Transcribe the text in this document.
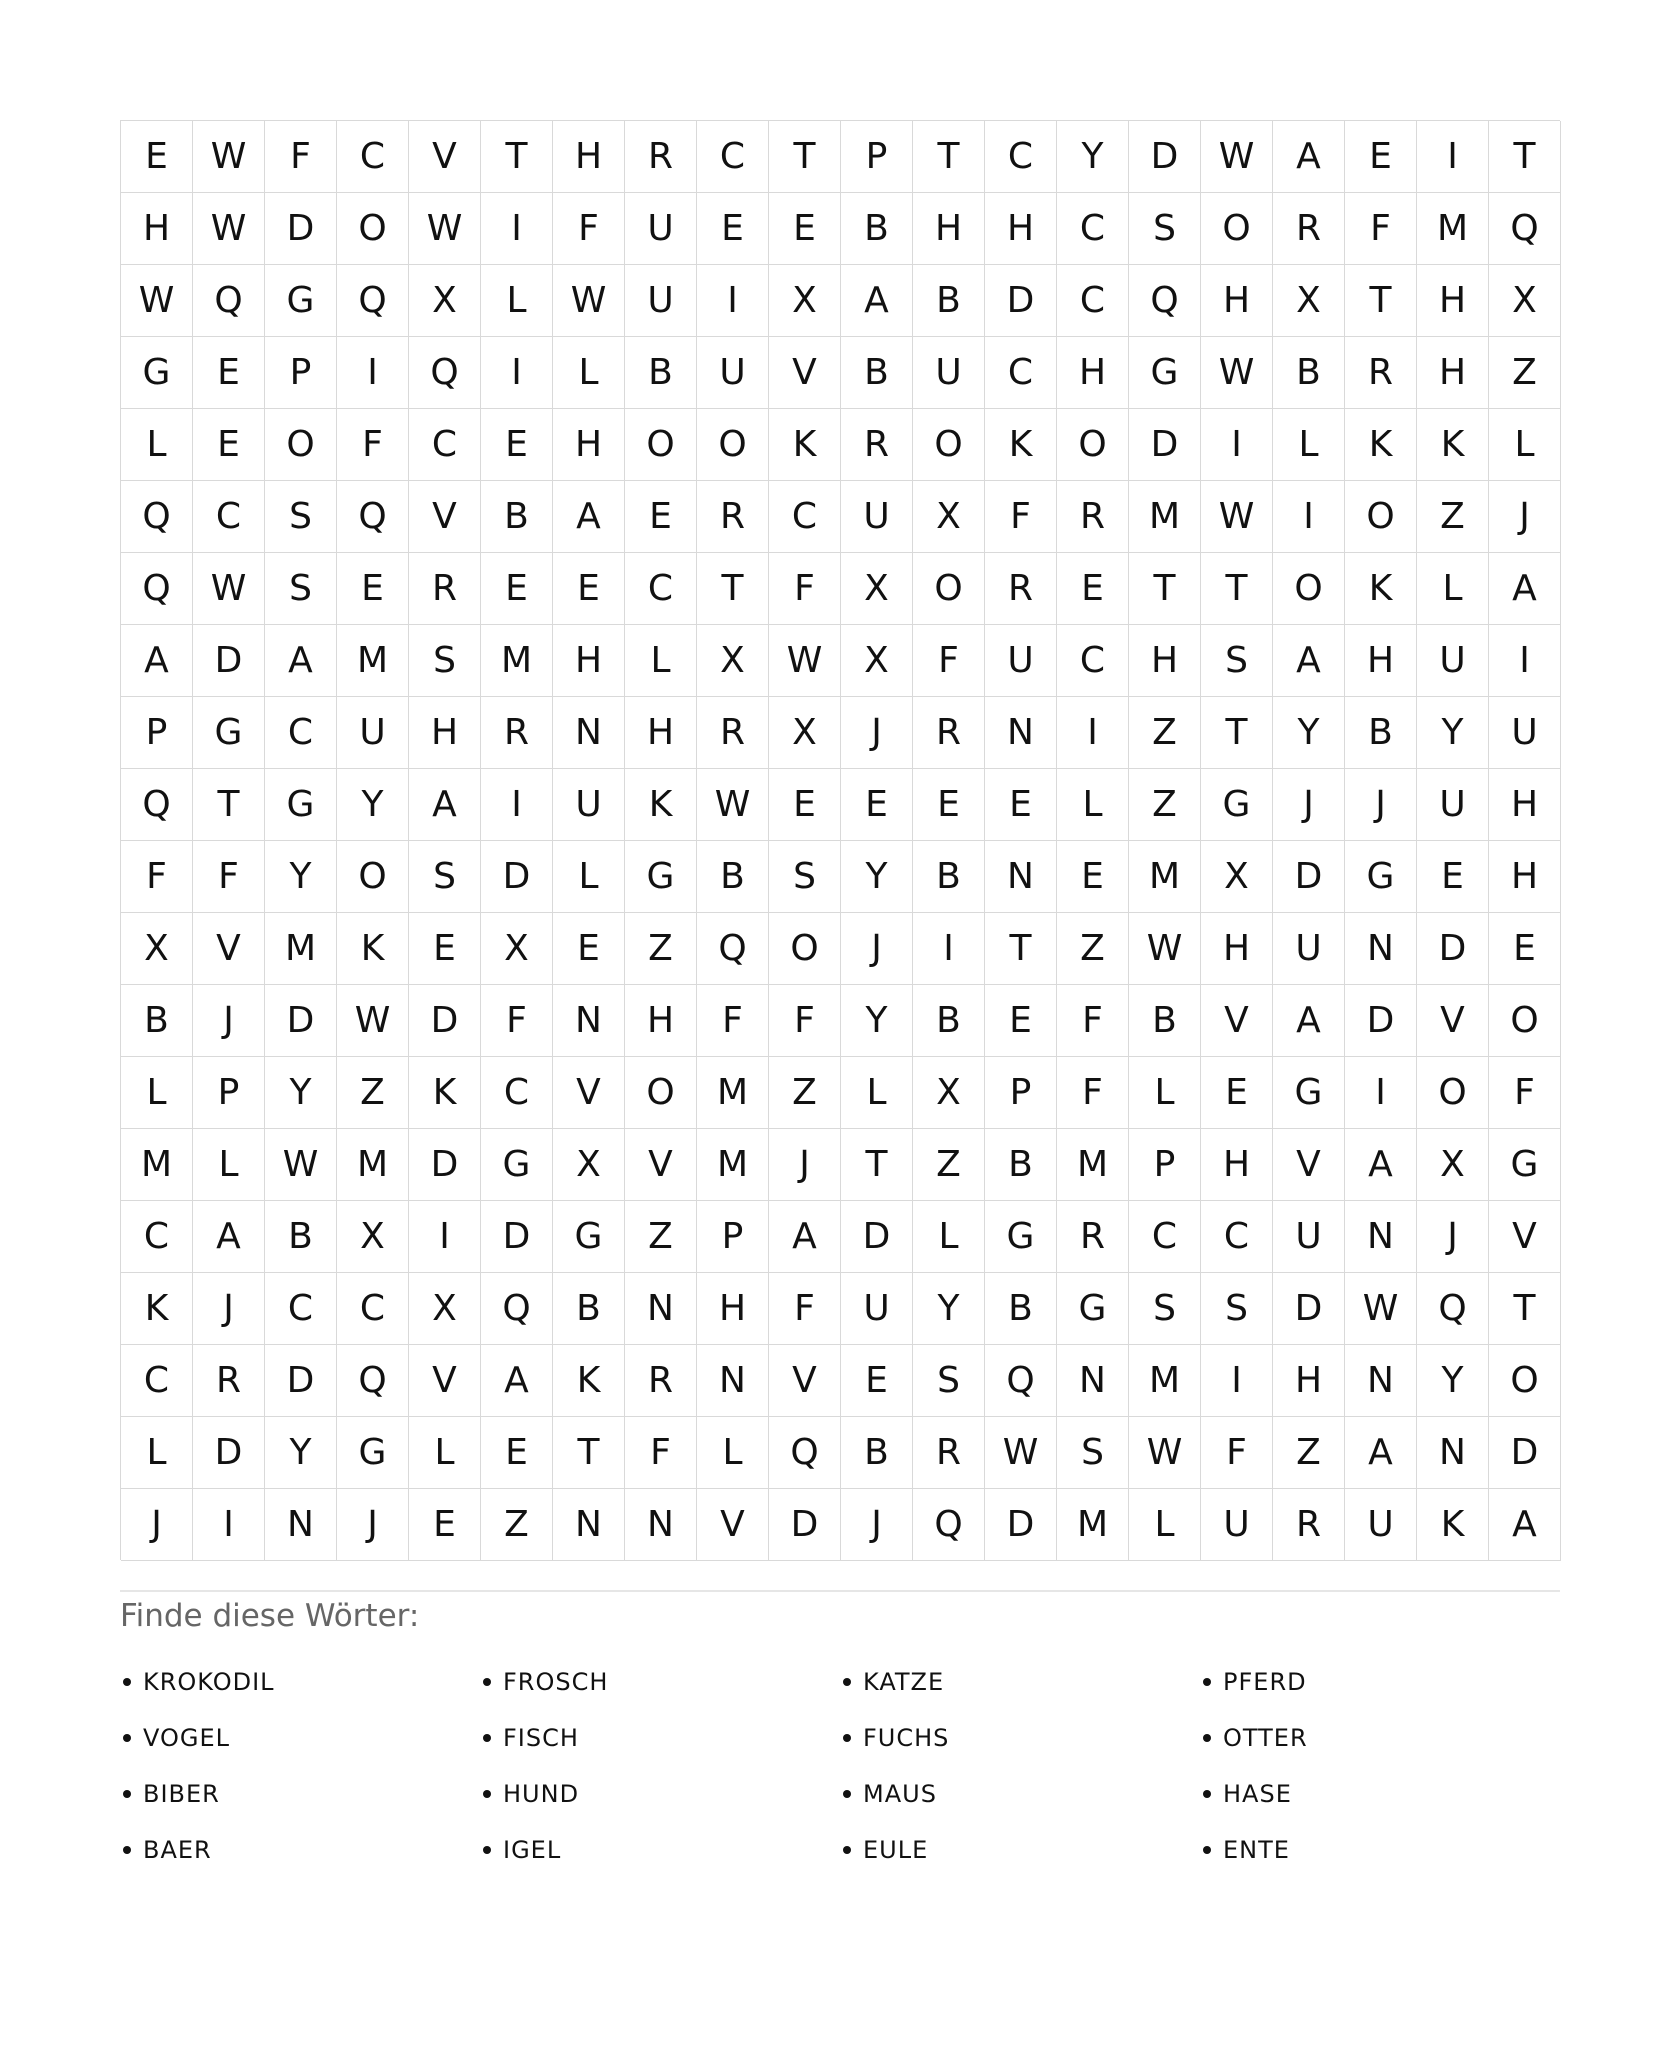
E	W	F	C	V	T	H	R	C	T	P	T	C	Y	D	W	A	E	I	T
H	W	D	O	W	I	F	U	E	E	B	H	H	C	S	O	R	F	M	Q
W	Q	G	Q	X	L	W	U	I	X	A	B	D	C	Q	H	X	T	H	X
G	E	P	I	Q	I	L	B	U	V	B	U	C	H	G	W	B	R	H	Z
L	E	O	F	C	E	H	O	O	K	R	O	K	O	D	I	L	K	K	L
Q	C	S	Q	V	B	A	E	R	C	U	X	F	R	M	W	I	O	Z	J
Q	W	S	E	R	E	E	C	T	F	X	O	R	E	T	T	O	K	L	A
A	D	A	M	S	M	H	L	X	W	X	F	U	C	H	S	A	H	U	I
P	G	C	U	H	R	N	H	R	X	J	R	N	I	Z	T	Y	B	Y	U
Q	T	G	Y	A	I	U	K	W	E	E	E	E	L	Z	G	J	J	U	H
F	F	Y	O	S	D	L	G	B	S	Y	B	N	E	M	X	D	G	E	H
X	V	M	K	E	X	E	Z	Q	O	J	I	T	Z	W	H	U	N	D	E
B	J	D	W	D	F	N	H	F	F	Y	B	E	F	B	V	A	D	V	O
L	P	Y	Z	K	C	V	O	M	Z	L	X	P	F	L	E	G	I	O	F
M	L	W	M	D	G	X	V	M	J	T	Z	B	M	P	H	V	A	X	G
C	A	B	X	I	D	G	Z	P	A	D	L	G	R	C	C	U	N	J	V
K	J	C	C	X	Q	B	N	H	F	U	Y	B	G	S	S	D	W	Q	T
C	R	D	Q	V	A	K	R	N	V	E	S	Q	N	M	I	H	N	Y	O
L	D	Y	G	L	E	T	F	L	Q	B	R	W	S	W	F	Z	A	N	D
J	I	N	J	E	Z	N	N	V	D	J	Q	D	M	L	U	R	U	K	A
Finde diese Wörter:
KROKODIL	FROSCH	KATZE	PFERD
VOGEL	FISCH	FUCHS	OTTER
BIBER	HUND	MAUS	HASE
BAER	IGEL	EULE	ENTE
